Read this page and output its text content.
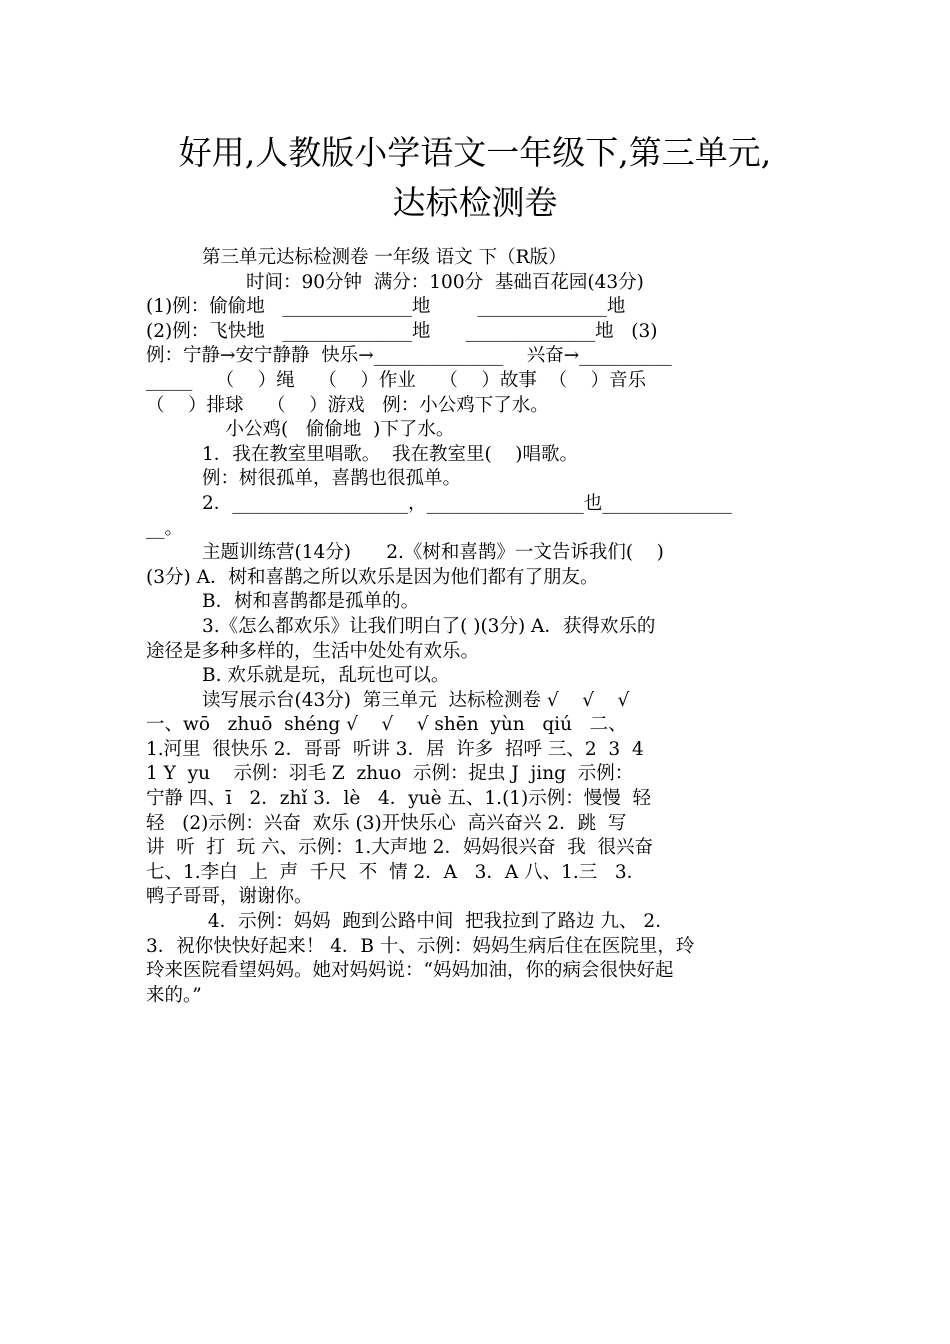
好用,人教版小学语文一年级下,第三单元,
达标检测卷
第三单元达标检测卷 一年级 语文 下（R版）
时间：90分钟  满分：100分  基础百花园(43分)
(1)例：偷偷地   ______________地        ______________地
(2)例：飞快地   ______________地      ______________地   (3)
例：宁静→安宁静静  快乐→______________    兴奋→__________
_____    （    ）绳    （    ）作业    （    ）故事  （    ）音乐
（    ）排球    （    ）游戏   例：小公鸡下了水。
小公鸡(   偷偷地  )下了水。
1．我在教室里唱歌。  我在教室里(    )唱歌。
例：树很孤单，喜鹊也很孤单。
2．___________________，_________________也______________
__。
主题训练营(14分)      2.《树和喜鹊》一文告诉我们(    )
(3分) A．树和喜鹊之所以欢乐是因为他们都有了朋友。
B．树和喜鹊都是孤单的。
3.《怎么都欢乐》让我们明白了( )(3分) A．获得欢乐的
途径是多种多样的，生活中处处有欢乐。
B. 欢乐就是玩，乱玩也可以。
读写展示台(43分)  第三单元  达标检测卷 √    √    √
一、wō   zhuō  shéng √    √    √ shēn  yùn   qiú   二、
1.河里  很快乐 2．哥哥  听讲 3．居  许多  招呼 三、2  3  4
1 Y  yu    示例：羽毛 Z  zhuo  示例：捉虫 J  jing  示例：
宁静 四、ī   2．zhǐ 3．lè   4．yuè 五、1.(1)示例：慢慢  轻
轻   (2)示例：兴奋  欢乐 (3)开快乐心  高兴奋兴 2．跳  写
讲  听  打  玩 六、示例：1.大声地 2．妈妈很兴奋  我  很兴奋
七、1.李白  上  声  千尺  不  情 2．A   3．A 八、1.三   3．
鸭子哥哥，谢谢你。
4．示例：妈妈  跑到公路中间  把我拉到了路边 九、 2．
3．祝你快快好起来！ 4．B 十、示例：妈妈生病后住在医院里，玲
玲来医院看望妈妈。她对妈妈说：“妈妈加油，你的病会很快好起
来的。”
